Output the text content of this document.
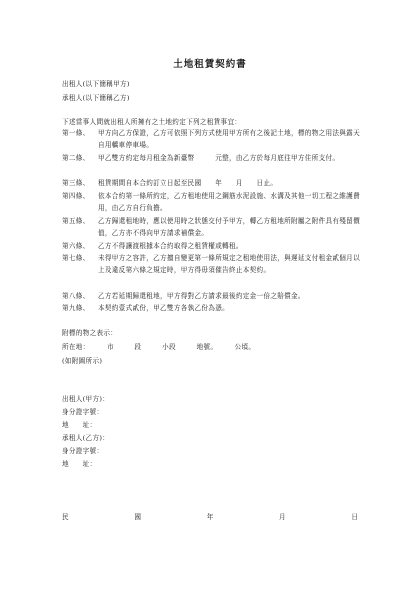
土地租賃契約書
出租人(以下簡稱甲方)
承租人(以下簡稱乙方)
下述當事人間就出租人所擁有之土地約定下列之租賃事宜：
第一條、	甲方向乙方保證，乙方可依照下列方式使用甲方所有之後記土地，標的物之用法與露天自用轎車停車場。
第二條、	甲乙雙方約定每月租金為新臺幣　　　元整，由乙方於每月底往甲方住所支付。
第三條、	租賃期間自本合約訂立日起至民國　　年　　月　　日止。
第四條、	依本合約第一條所約定，乙方租地使用之鋼筋水泥設施、水溝及其他一切工程之維護費用，由乙方自行負擔。
第五條、	乙方歸還租地時，應以使用時之狀態交付予甲方，轉乙方租地所附屬之附件具有殘留價值，乙方亦不得向甲方請求補償金。
第六條、	乙方不得讓渡根據本合約取得之租賃權或轉租。
第七條、	未得甲方之容許，乙方擅自變更第一條所規定之租地使用法，與遲延支付租金貳個月以上及違反第六條之規定時，甲方得毋須催告終止本契約。
第八條、	乙方若延期歸還租地，甲方得對乙方請求最後約定金一倍之賠償金。
第九條、	本契約壹式貳份，甲乙雙方各執乙份為憑。
附標的物之表示：
所在地：　　　市　　　段　　　小段　　　地號。　　　公頃。
(如附圖所示)
出租人(甲方)：
身分證字號：
地　　址：
承租人(乙方)：
身分證字號：
地　　址：
民	國	年	月	日
